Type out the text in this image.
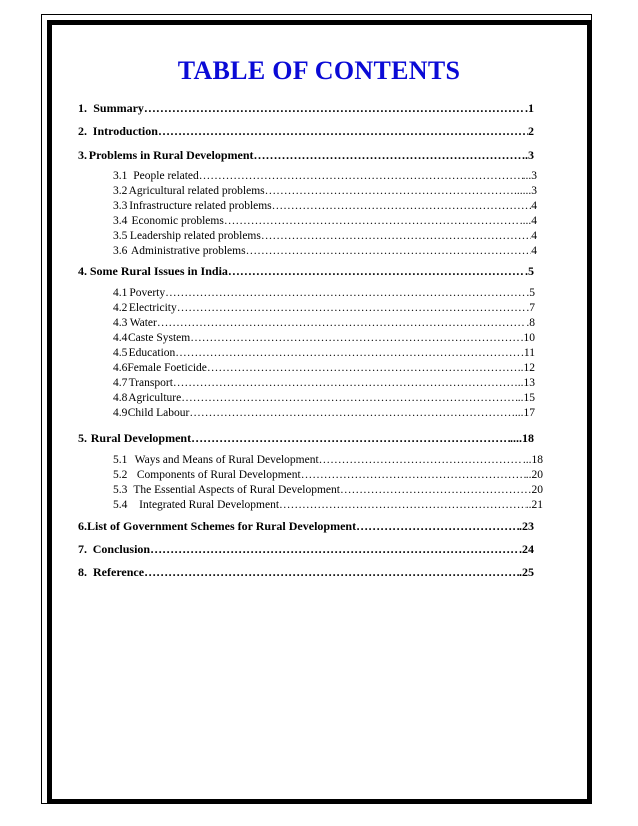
TABLE OF CONTENTS
1. Summary ……………………………………………………………………………………………………………………………………	.1
2. Introduction ……………………………………………………………………………………………………………………………………	2
3. Problems in Rural Development ……………………………………………………………………………………………………………………………………	..3
3.1 People related ……………………………………………………………………………………………………………………………………	...3
3.2 Agricultural related problems ……………………………………………………………………………………………………………………………………	......3
3.3 Infrastructure related problems ……………………………………………………………………………………………………………………………………	4
3.4 Economic problems ……………………………………………………………………………………………………………………………………	....4
3.5 Leadership related problems ……………………………………………………………………………………………………………………………………	4
3.6 Administrative problems ……………………………………………………………………………………………………………………………………	4
4. Some Rural Issues in India ……………………………………………………………………………………………………………………………………	.5
4.1 Poverty ……………………………………………………………………………………………………………………………………	.5
4.2 Electricity ……………………………………………………………………………………………………………………………………	.7
4.3 Water ……………………………………………………………………………………………………………………………………	.8
4.4 Caste System ……………………………………………………………………………………………………………………………………	.10
4.5 Education ……………………………………………………………………………………………………………………………………	.11
4.6 Female Foeticide ……………………………………………………………………………………………………………………………………	..12
4.7 Transport ……………………………………………………………………………………………………………………………………	..13
4.8 Agriculture ……………………………………………………………………………………………………………………………………	..15
4.9 Child Labour ……………………………………………………………………………………………………………………………………	...17
5. Rural Development ……………………………………………………………………………………………………………………………………	....18
5.1 Ways and Means of Rural Development ……………………………………………………………………………………………………………………………………	...18
5.2 Components of Rural Development ……………………………………………………………………………………………………………………………………	..20
5.3 The Essential Aspects of Rural Development ……………………………………………………………………………………………………………………………………	20
5.4	Integrated Rural Development ……………………………………………………………………………………………………………………………………	..21
6. List of Government Schemes for Rural Development ……………………………………………………………………………………………………………………………………	.23
7. Conclusion ……………………………………………………………………………………………………………………………………	.24
8. Reference ……………………………………………………………………………………………………………………………………	.25
